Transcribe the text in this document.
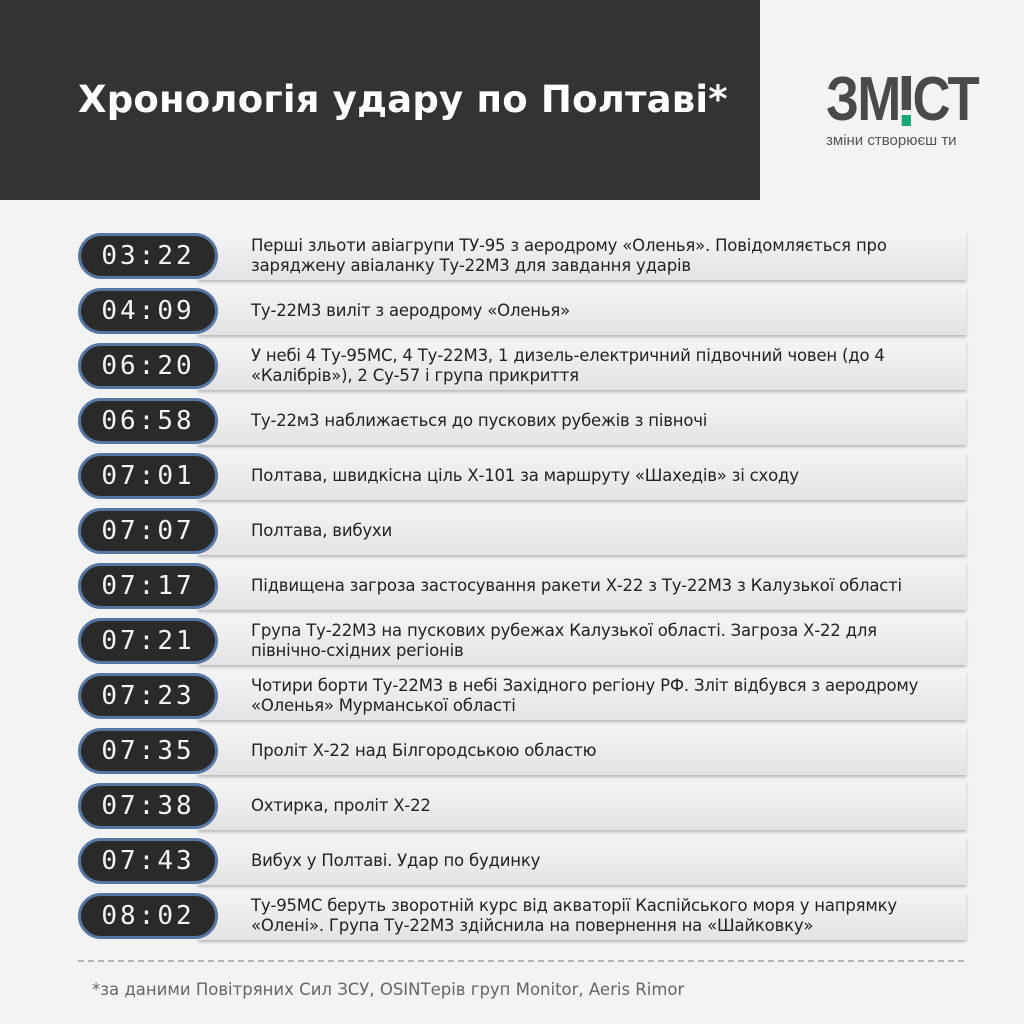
Хронологія удару по Полтаві* ЗМ СТ
зміни створюєш ти
03:22	Перші зльоти авіагрупи ТУ-95 з аеродрому «Оленья». Повідомляється про заряджену авіаланку Ту-22М3 для завдання ударів
04:09	Ту-22М3 виліт з аеродрому «Оленья»
06:20	У небі 4 Ту-95МС, 4 Ту-22М3, 1 дизель-електричний підвочний човен (до 4 «Калібрів»), 2 Су-57 і група прикриття
06:58	Ту-22м3 наближається до пускових рубежів з півночі
07:01	Полтава, швидкісна ціль Х-101 за маршруту «Шахедів» зі сходу
07:07	Полтава, вибухи
07:17	Підвищена загроза застосування ракети Х-22 з Ту-22М3 з Калузької області
07:21	Група Ту-22М3 на пускових рубежах Калузької області. Загроза Х-22 для північно-східних регіонів
07:23	Чотири борти Ту-22М3 в небі Західного регіону РФ. Зліт відбувся з аеродрому «Оленья» Мурманської області
07:35	Проліт Х-22 над Білгородською областю
07:38	Охтирка, проліт Х-22
07:43	Вибух у Полтаві. Удар по будинку
08:02	Ту-95МС беруть зворотній курс від акваторії Каспійського моря у напрямку «Олені». Група Ту-22М3 здійснила на повернення на «Шайковку»
*за даними Повітряних Сил ЗСУ, OSINTерів груп Monitor, Aeris Rimor
